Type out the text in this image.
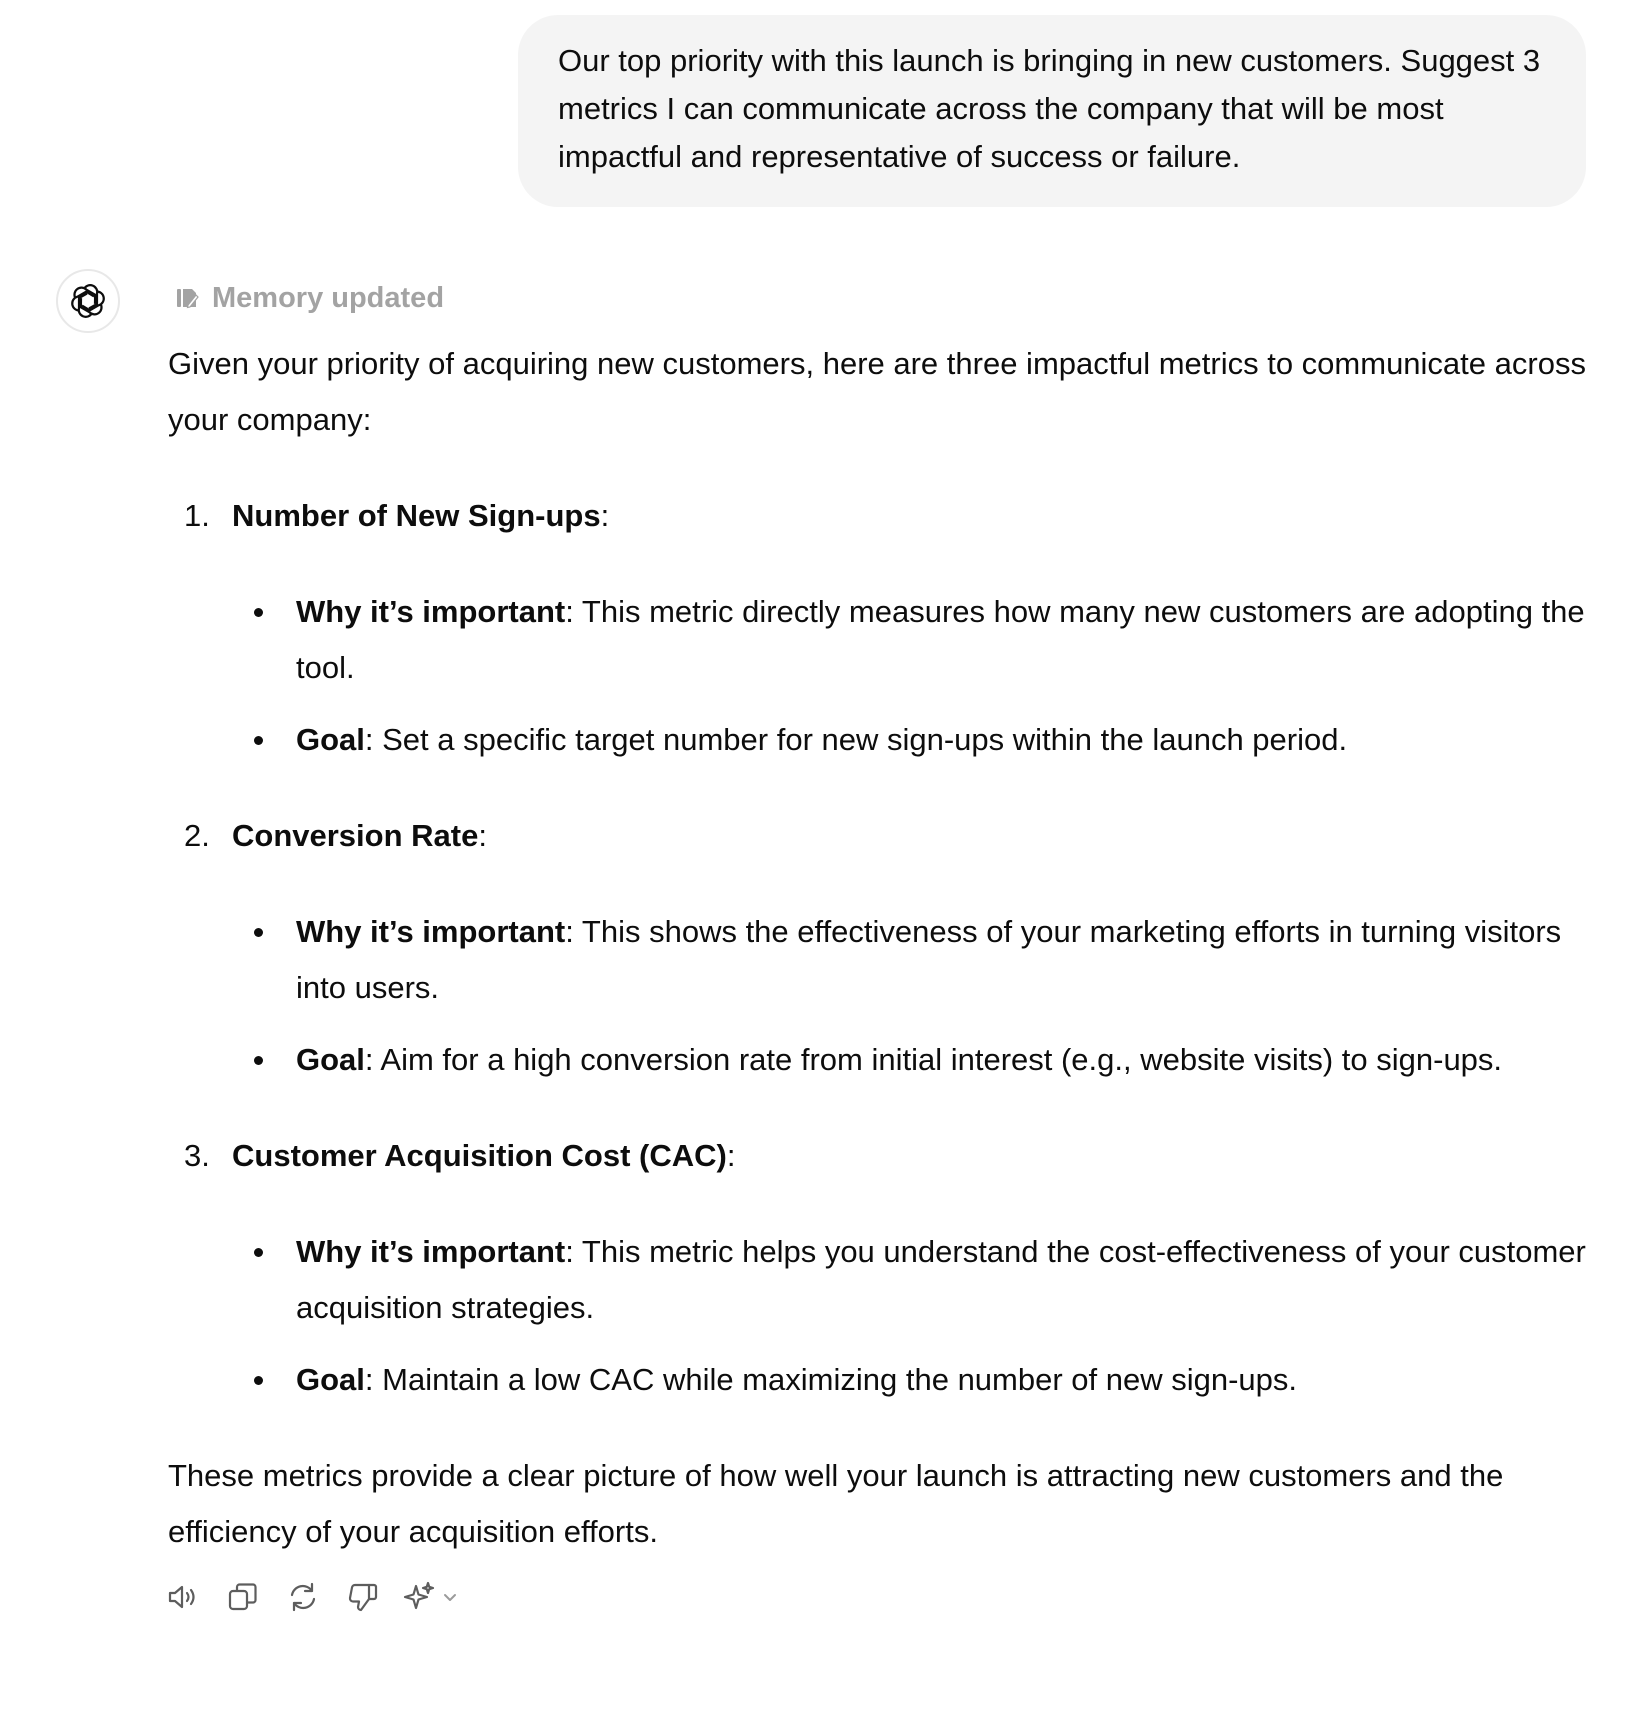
Our top priority with this launch is bringing in new customers. Suggest 3 metrics I can communicate across the company that will be most impactful and representative of success or failure.
Memory updated

Given your priority of acquiring new customers, here are three impactful metrics to communicate across your company:

1. Number of New Sign-ups:
Why it’s important: This metric directly measures how many new customers are adopting the tool.
Goal: Set a specific target number for new sign-ups within the launch period.
2. Conversion Rate:
Why it’s important: This shows the effectiveness of your marketing efforts in turning visitors into users.
Goal: Aim for a high conversion rate from initial interest (e.g., website visits) to sign-ups.
3. Customer Acquisition Cost (CAC):
Why it’s important: This metric helps you understand the cost-effectiveness of your customer acquisition strategies.
Goal: Maintain a low CAC while maximizing the number of new sign-ups.

These metrics provide a clear picture of how well your launch is attracting new customers and the efficiency of your acquisition efforts.
